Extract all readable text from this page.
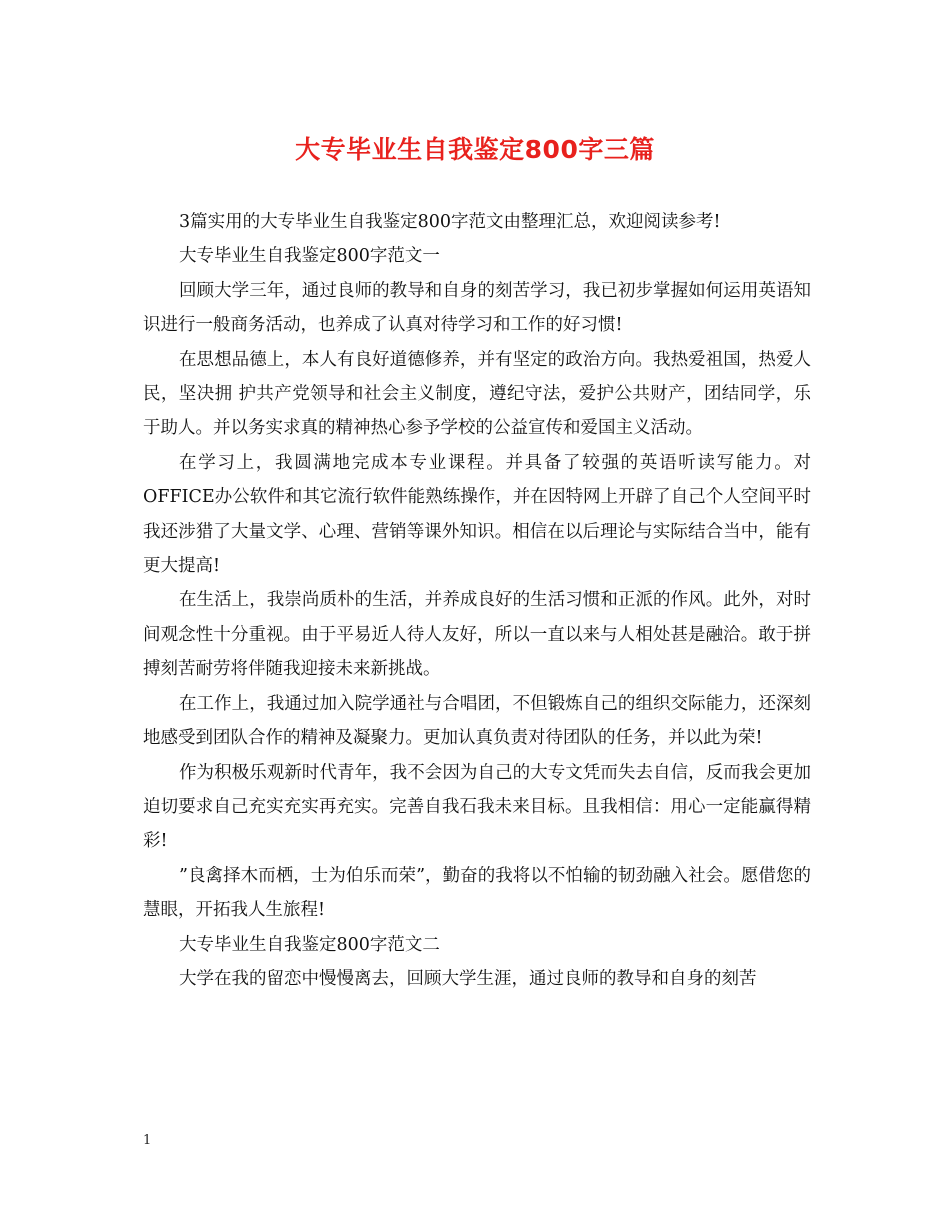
大专毕业生自我鉴定800字三篇

3篇实用的大专毕业生自我鉴定800字范文由整理汇总，欢迎阅读参考!

大专毕业生自我鉴定800字范文一

回顾大学三年，通过良师的教导和自身的刻苦学习，我已初步掌握如何运用英语知识进行一般商务活动，也养成了认真对待学习和工作的好习惯!

在思想品德上，本人有良好道德修养，并有坚定的政治方向。我热爱祖国，热爱人民，坚决拥 护共产党领导和社会主义制度，遵纪守法，爱护公共财产，团结同学，乐于助人。并以务实求真的精神热心参予学校的公益宣传和爱国主义活动。

在学习上，我圆满地完成本专业课程。并具备了较强的英语听读写能力。对OFFICE办公软件和其它流行软件能熟练操作，并在因特网上开辟了自己个人空间平时我还涉猎了大量文学、心理、营销等课外知识。相信在以后理论与实际结合当中，能有更大提高!

在生活上，我崇尚质朴的生活，并养成良好的生活习惯和正派的作风。此外，对时间观念性十分重视。由于平易近人待人友好，所以一直以来与人相处甚是融洽。敢于拼搏刻苦耐劳将伴随我迎接未来新挑战。

在工作上，我通过加入院学通社与合唱团，不但锻炼自己的组织交际能力，还深刻地感受到团队合作的精神及凝聚力。更加认真负责对待团队的任务，并以此为荣!

作为积极乐观新时代青年，我不会因为自己的大专文凭而失去自信，反而我会更加迫切要求自己充实充实再充实。完善自我石我未来目标。且我相信：用心一定能赢得精彩!

”良禽择木而栖，士为伯乐而荣”，勤奋的我将以不怕输的韧劲融入社会。愿借您的慧眼，开拓我人生旅程!

大专毕业生自我鉴定800字范文二

大学在我的留恋中慢慢离去，回顾大学生涯，通过良师的教导和自身的刻苦

1
